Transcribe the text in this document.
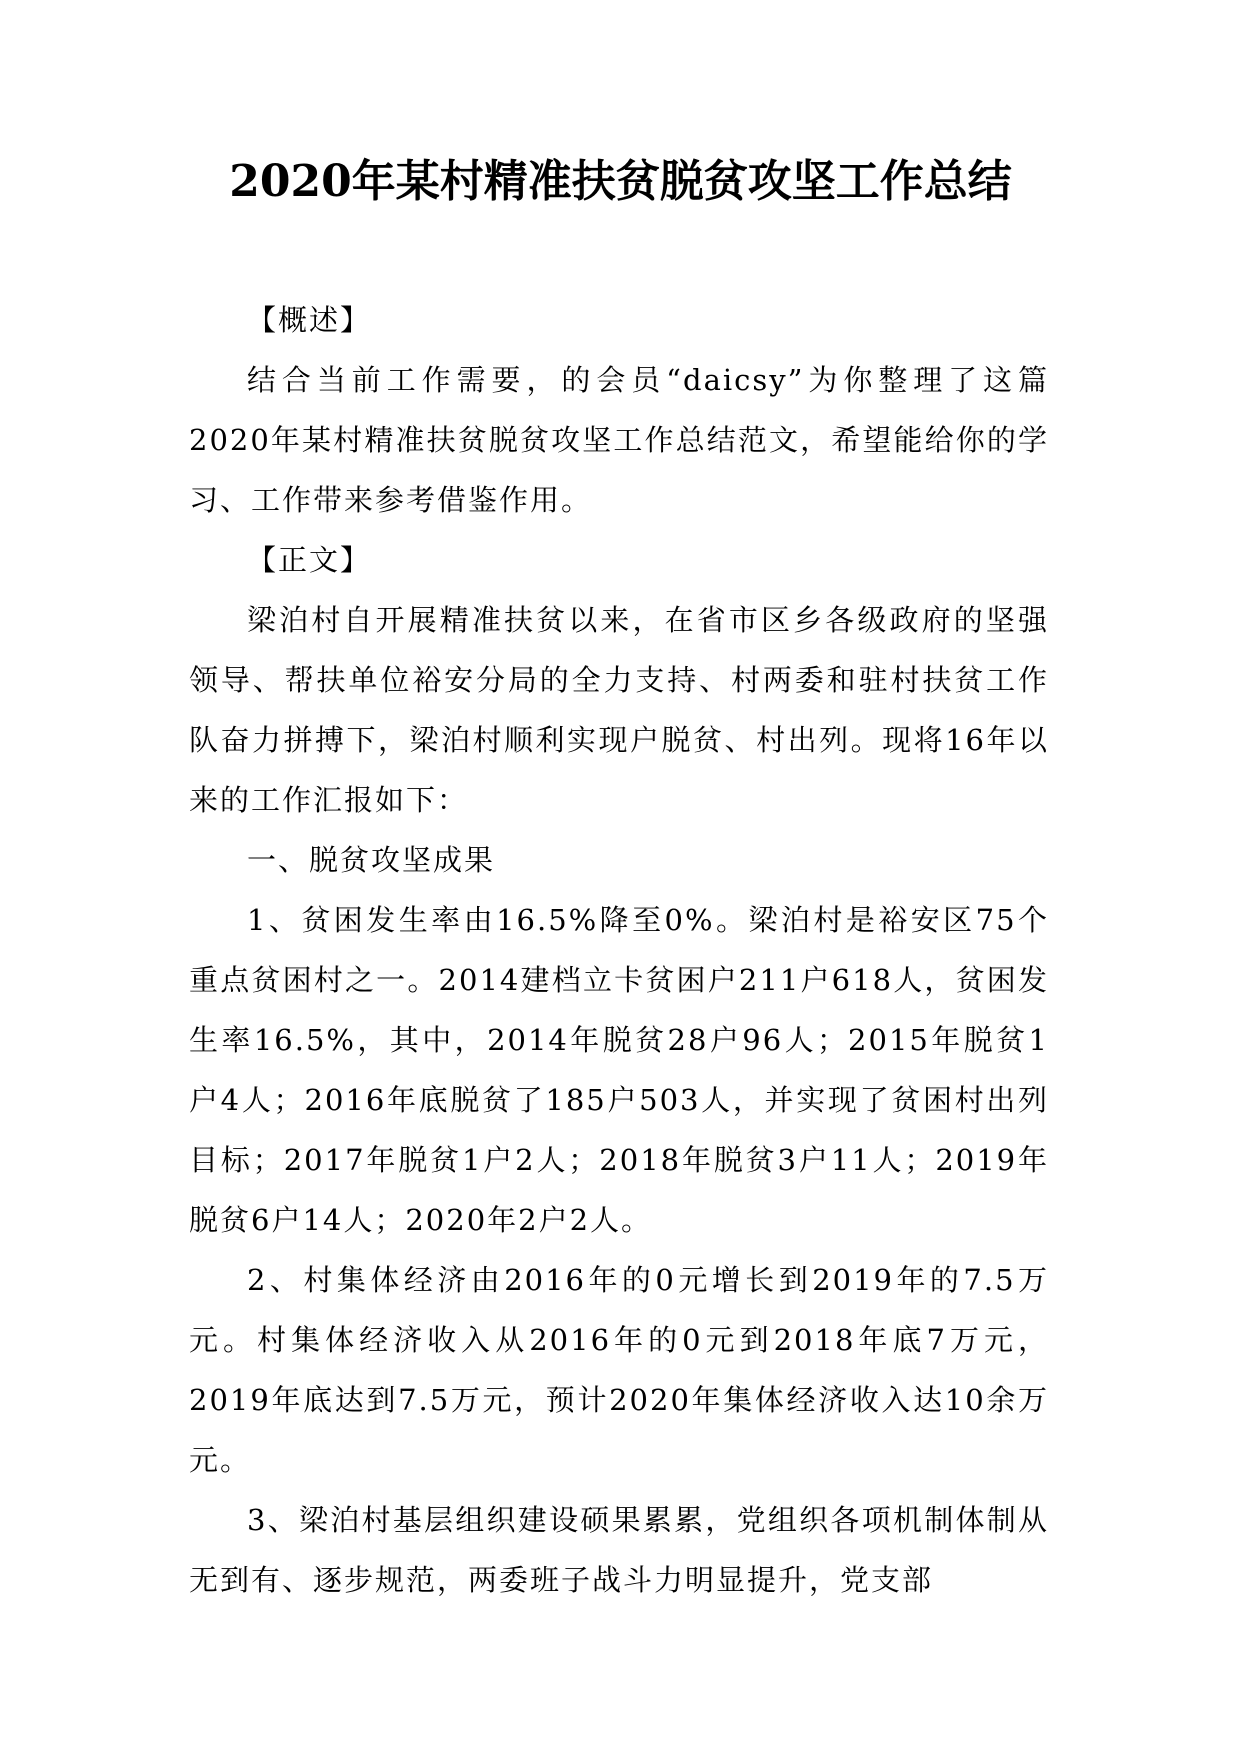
2020年某村精准扶贫脱贫攻坚工作总结

【概述】

结合当前工作需要，的会员“daicsy”为你整理了这篇2020年某村精准扶贫脱贫攻坚工作总结范文，希望能给你的学习、工作带来参考借鉴作用。

【正文】

梁泊村自开展精准扶贫以来，在省市区乡各级政府的坚强领导、帮扶单位裕安分局的全力支持、村两委和驻村扶贫工作队奋力拼搏下，梁泊村顺利实现户脱贫、村出列。现将16年以来的工作汇报如下：

一、脱贫攻坚成果

1、贫困发生率由16.5%降至0%。梁泊村是裕安区75个重点贫困村之一。2014建档立卡贫困户211户618人，贫困发生率16.5%，其中，2014年脱贫28户96人；2015年脱贫1户4人；2016年底脱贫了185户503人，并实现了贫困村出列目标；2017年脱贫1户2人；2018年脱贫3户11人；2019年脱贫6户14人；2020年2户2人。

2、村集体经济由2016年的0元增长到2019年的7.5万元。村集体经济收入从2016年的0元到2018年底7万元，2019年底达到7.5万元，预计2020年集体经济收入达10余万元。

3、梁泊村基层组织建设硕果累累，党组织各项机制体制从无到有、逐步规范，两委班子战斗力明显提升，党支部
